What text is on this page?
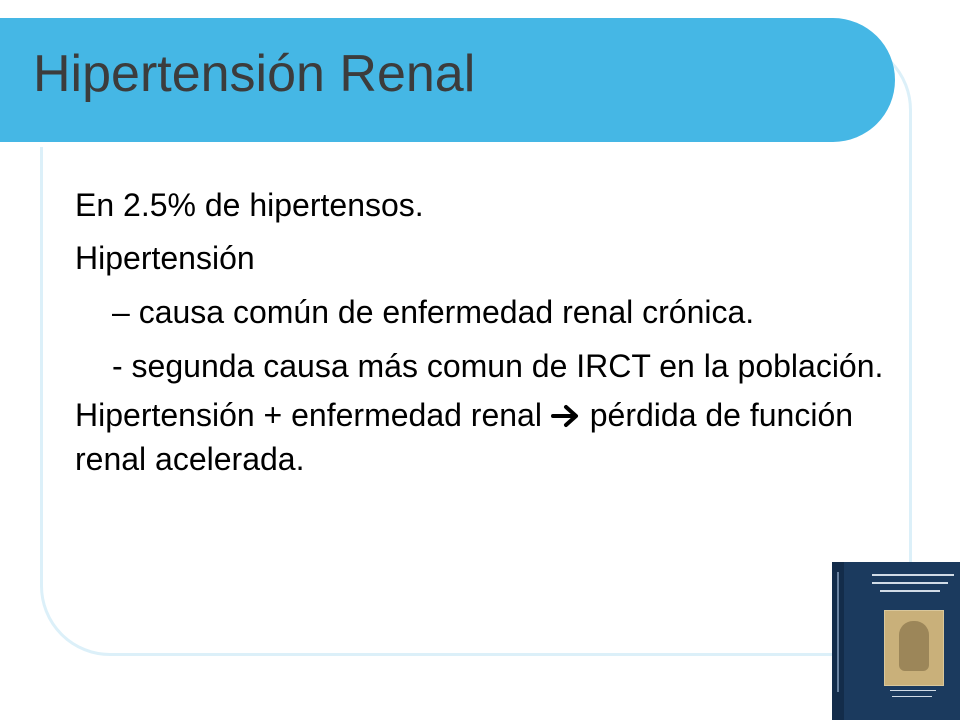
Hipertensión Renal

En 2.5% de hipertensos.

Hipertensión

– causa común de enfermedad renal crónica.

- segunda causa más comun de IRCT en la población.

Hipertensión + enfermedad renal pérdida de función renal acelerada.
